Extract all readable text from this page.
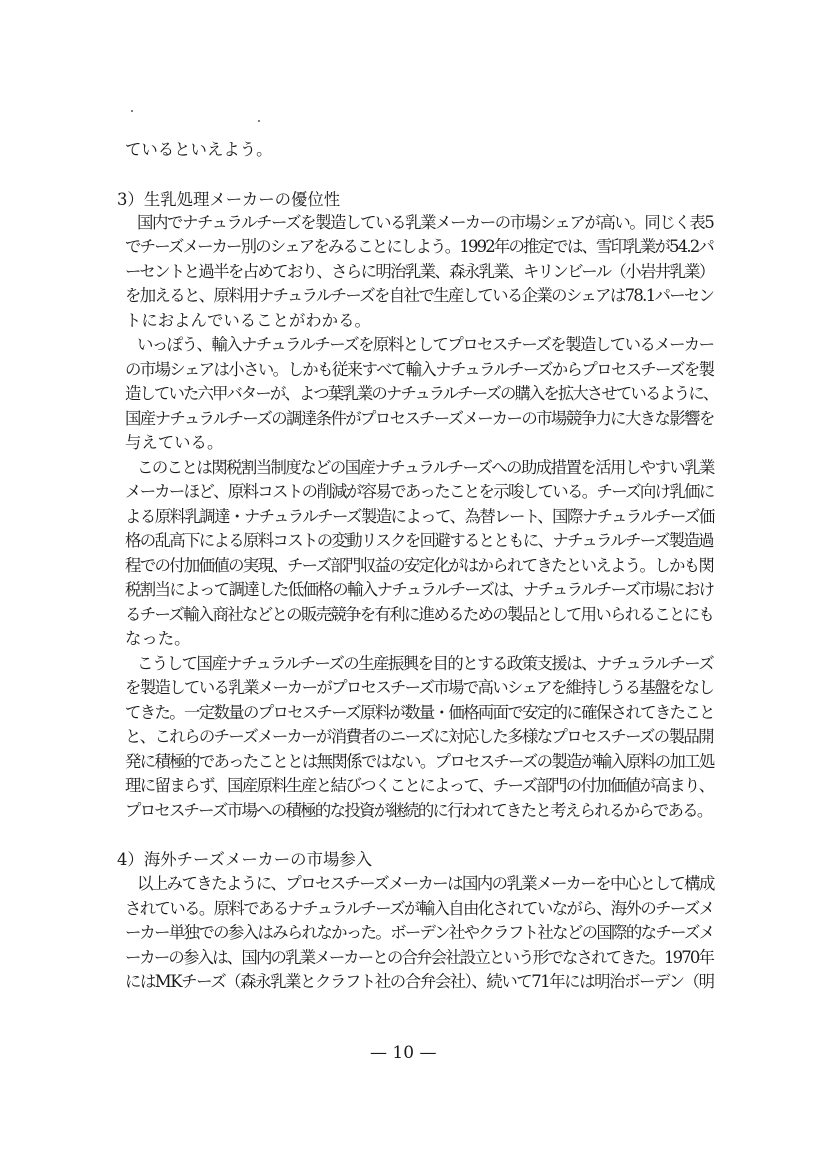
ているといえよう。
3）生乳処理メーカーの優位性
国内でナチュラルチーズを製造している乳業メーカーの市場シェアが高い。同じく表5
でチーズメーカー別のシェアをみることにしよう。1992年の推定では、雪印乳業が54.2パ
ーセントと過半を占めており、さらに明治乳業、森永乳業、キリンビール（小岩井乳業）
を加えると、原料用ナチュラルチーズを自社で生産している企業のシェアは78.1パーセン
トにおよんでいることがわかる。
いっぽう、輸入ナチュラルチーズを原料としてプロセスチーズを製造しているメーカー
の市場シェアは小さい。しかも従来すべて輸入ナチュラルチーズからプロセスチーズを製
造していた六甲バターが、よつ葉乳業のナチュラルチーズの購入を拡大させているように、
国産ナチュラルチーズの調達条件がプロセスチーズメーカーの市場競争力に大きな影響を
与えている。
このことは関税割当制度などの国産ナチュラルチーズへの助成措置を活用しやすい乳業
メーカーほど、原料コストの削減が容易であったことを示唆している。チーズ向け乳価に
よる原料乳調達・ナチュラルチーズ製造によって、為替レート、国際ナチュラルチーズ価
格の乱高下による原料コストの変動リスクを回避するとともに、ナチュラルチーズ製造過
程での付加価値の実現、チーズ部門収益の安定化がはかられてきたといえよう。しかも関
税割当によって調達した低価格の輸入ナチュラルチーズは、ナチュラルチーズ市場におけ
るチーズ輸入商社などとの販売競争を有利に進めるための製品として用いられることにも
なった。
こうして国産ナチュラルチーズの生産振興を目的とする政策支援は、ナチュラルチーズ
を製造している乳業メーカーがプロセスチーズ市場で高いシェアを維持しうる基盤をなし
てきた。一定数量のプロセスチーズ原料が数量・価格両面で安定的に確保されてきたこと
と、これらのチーズメーカーが消費者のニーズに対応した多様なプロセスチーズの製品開
発に積極的であったこととは無関係ではない。プロセスチーズの製造が輸入原料の加工処
理に留まらず、国産原料生産と結びつくことによって、チーズ部門の付加価値が高まり、
プロセスチーズ市場への積極的な投資が継続的に行われてきたと考えられるからである。
4）海外チーズメーカーの市場参入
以上みてきたように、プロセスチーズメーカーは国内の乳業メーカーを中心として構成
されている。原料であるナチュラルチーズが輸入自由化されていながら、海外のチーズメ
ーカー単独での参入はみられなかった。ボーデン社やクラフト社などの国際的なチーズメ
ーカーの参入は、国内の乳業メーカーとの合弁会社設立という形でなされてきた。1970年
にはMKチーズ（森永乳業とクラフト社の合弁会社）、続いて71年には明治ボーデン（明
— 10 —
